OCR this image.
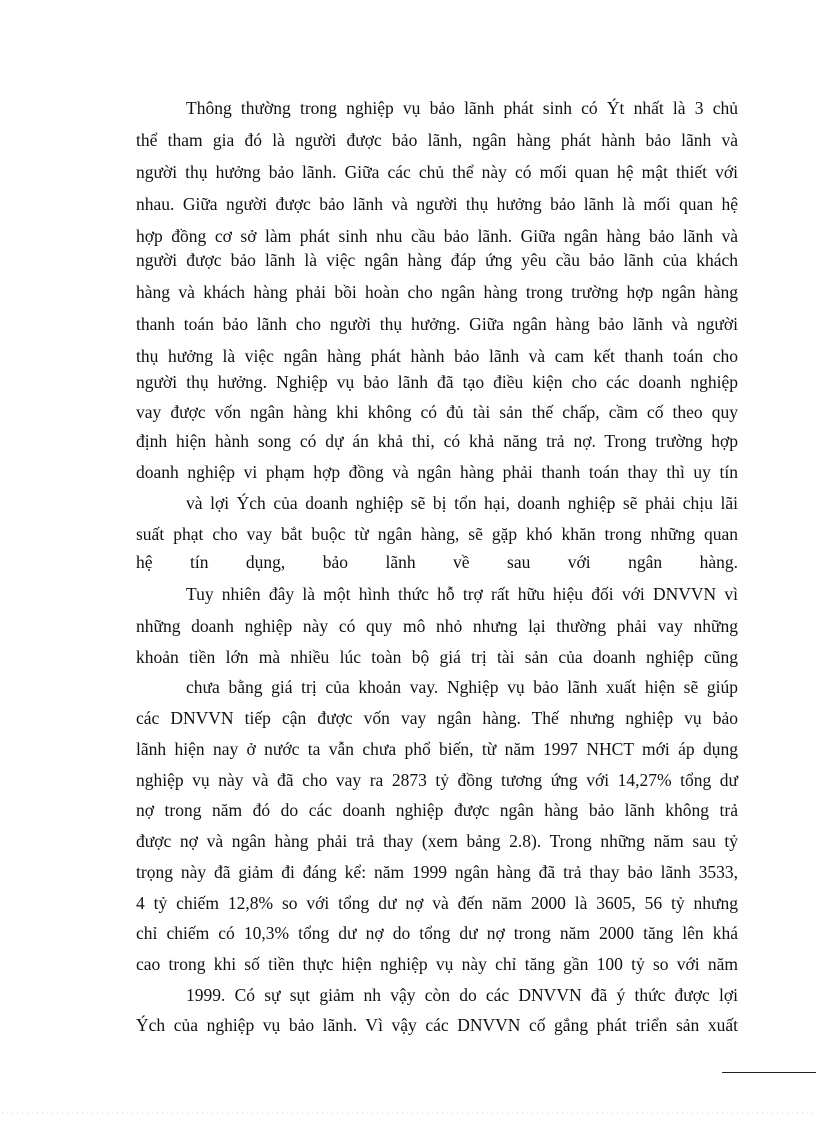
Thông thường trong nghiệp vụ bảo lãnh phát sinh có Ýt nhất là 3 chủ
thể tham gia đó là người được bảo lãnh, ngân hàng phát hành bảo lãnh và
người thụ hưởng bảo lãnh. Giữa các chủ thể này có mối quan hệ mật thiết với
nhau. Giữa người được bảo lãnh và người thụ hưởng bảo lãnh là mối quan hệ
hợp đồng cơ sở làm phát sinh nhu cầu bảo lãnh. Giữa ngân hàng bảo lãnh và
người được bảo lãnh là việc ngân hàng đáp ứng yêu cầu bảo lãnh của khách
hàng và khách hàng phải bồi hoàn cho ngân hàng trong trường hợp ngân hàng
thanh toán bảo lãnh cho người thụ hưởng. Giữa ngân hàng bảo lãnh và người
thụ hưởng là việc ngân hàng phát hành bảo lãnh và cam kết thanh toán cho
người thụ hưởng. Nghiệp vụ bảo lãnh đã tạo điều kiện cho các doanh nghiệp
vay được vốn ngân hàng khi không có đủ tài sản thế chấp, cầm cố theo quy
định hiện hành song có dự án khả thi, có khả năng trả nợ. Trong trường hợp
doanh nghiệp vi phạm hợp đồng và ngân hàng phải thanh toán thay thì uy tín
và lợi Ých của doanh nghiệp sẽ bị tổn hại, doanh nghiệp sẽ phải chịu lãi
suất phạt cho vay bắt buộc từ ngân hàng, sẽ gặp khó khăn trong những quan
hệ tín dụng, bảo lãnh về sau với ngân hàng.
Tuy nhiên đây là một hình thức hỗ trợ rất hữu hiệu đối với DNVVN vì
những doanh nghiệp này có quy mô nhỏ nhưng lại thường phải vay những
khoản tiền lớn mà nhiều lúc toàn bộ giá trị tài sản của doanh nghiệp cũng
chưa bằng giá trị của khoản vay. Nghiệp vụ bảo lãnh xuất hiện sẽ giúp
các DNVVN tiếp cận được vốn vay ngân hàng. Thế nhưng nghiệp vụ bảo
lãnh hiện nay ở nước ta vẫn chưa phổ biến, từ năm 1997 NHCT mới áp dụng
nghiệp vụ này và đã cho vay ra 2873 tỷ đồng tương ứng với 14,27% tổng dư
nợ trong năm đó do các doanh nghiệp được ngân hàng bảo lãnh không trả
được nợ và ngân hàng phải trả thay (xem bảng 2.8). Trong những năm sau tỷ
trọng này đã giảm đi đáng kể: năm 1999 ngân hàng đã trả thay bảo lãnh 3533,
4 tỷ chiếm 12,8% so với tổng dư nợ và đến năm 2000 là 3605, 56 tỷ nhưng
chỉ chiếm có 10,3% tổng dư nợ do tổng dư nợ trong năm 2000 tăng lên khá
cao trong khi số tiền thực hiện nghiệp vụ này chỉ tăng gần 100 tỷ so với năm
1999. Có sự sụt giảm nh vậy còn do các DNVVN đã ý thức được lợi
Ých của nghiệp vụ bảo lãnh. Vì vậy các DNVVN cố gắng phát triển sản xuất
